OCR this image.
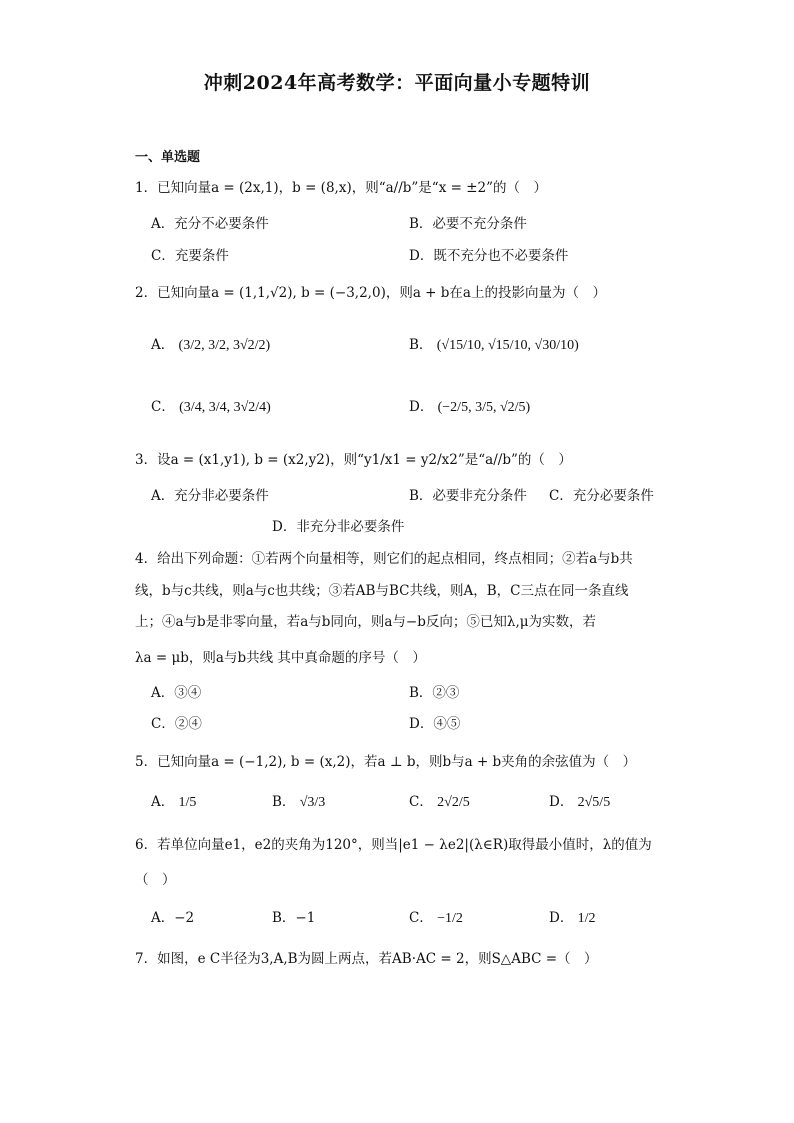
冲刺2024年高考数学：平面向量小专题特训
一、单选题
1．已知向量a = (2x,1)，b = (8,x)，则“a//b”是“x = ±2”的（　）
A．充分不必要条件	B．必要不充分条件
C．充要条件	D．既不充分也不必要条件
2．已知向量a = (1,1,√2), b = (−3,2,0)，则a + b在a上的投影向量为（　）
A． (3/2, 3/2, 3√2/2)	B． (√15/10, √15/10, √30/10)
C． (3/4, 3/4, 3√2/4)	D． (−2/5, 3/5, √2/5)
3．设a = (x1,y1), b = (x2,y2)，则“y1/x1 = y2/x2”是“a//b”的（　）
A．充分非必要条件	B．必要非充分条件 C．充分必要条件
D．非充分非必要条件
4．给出下列命题：①若两个向量相等，则它们的起点相同，终点相同；②若a与b共
线，b与c共线，则a与c也共线；③若AB与BC共线，则A，B，C三点在同一条直线
上；④a与b是非零向量，若a与b同向，则a与−b反向；⑤已知λ,μ为实数，若
λa = μb，则a与b共线 其中真命题的序号（　）
A．③④	B．②③
C．②④	D．④⑤
5．已知向量a = (−1,2), b = (x,2)，若a ⊥ b，则b与a + b夹角的余弦值为（　）
A． 1/5	B． √3/3	C． 2√2/5	D． 2√5/5
6．若单位向量e1，e2的夹角为120°，则当|e1 − λe2|(λ∈R)取得最小值时，λ的值为
（　）
A．−2	B．−1	C． −1/2	D． 1/2
7．如图，e C半径为3,A,B为圆上两点，若AB·AC = 2，则S△ABC =（　）
